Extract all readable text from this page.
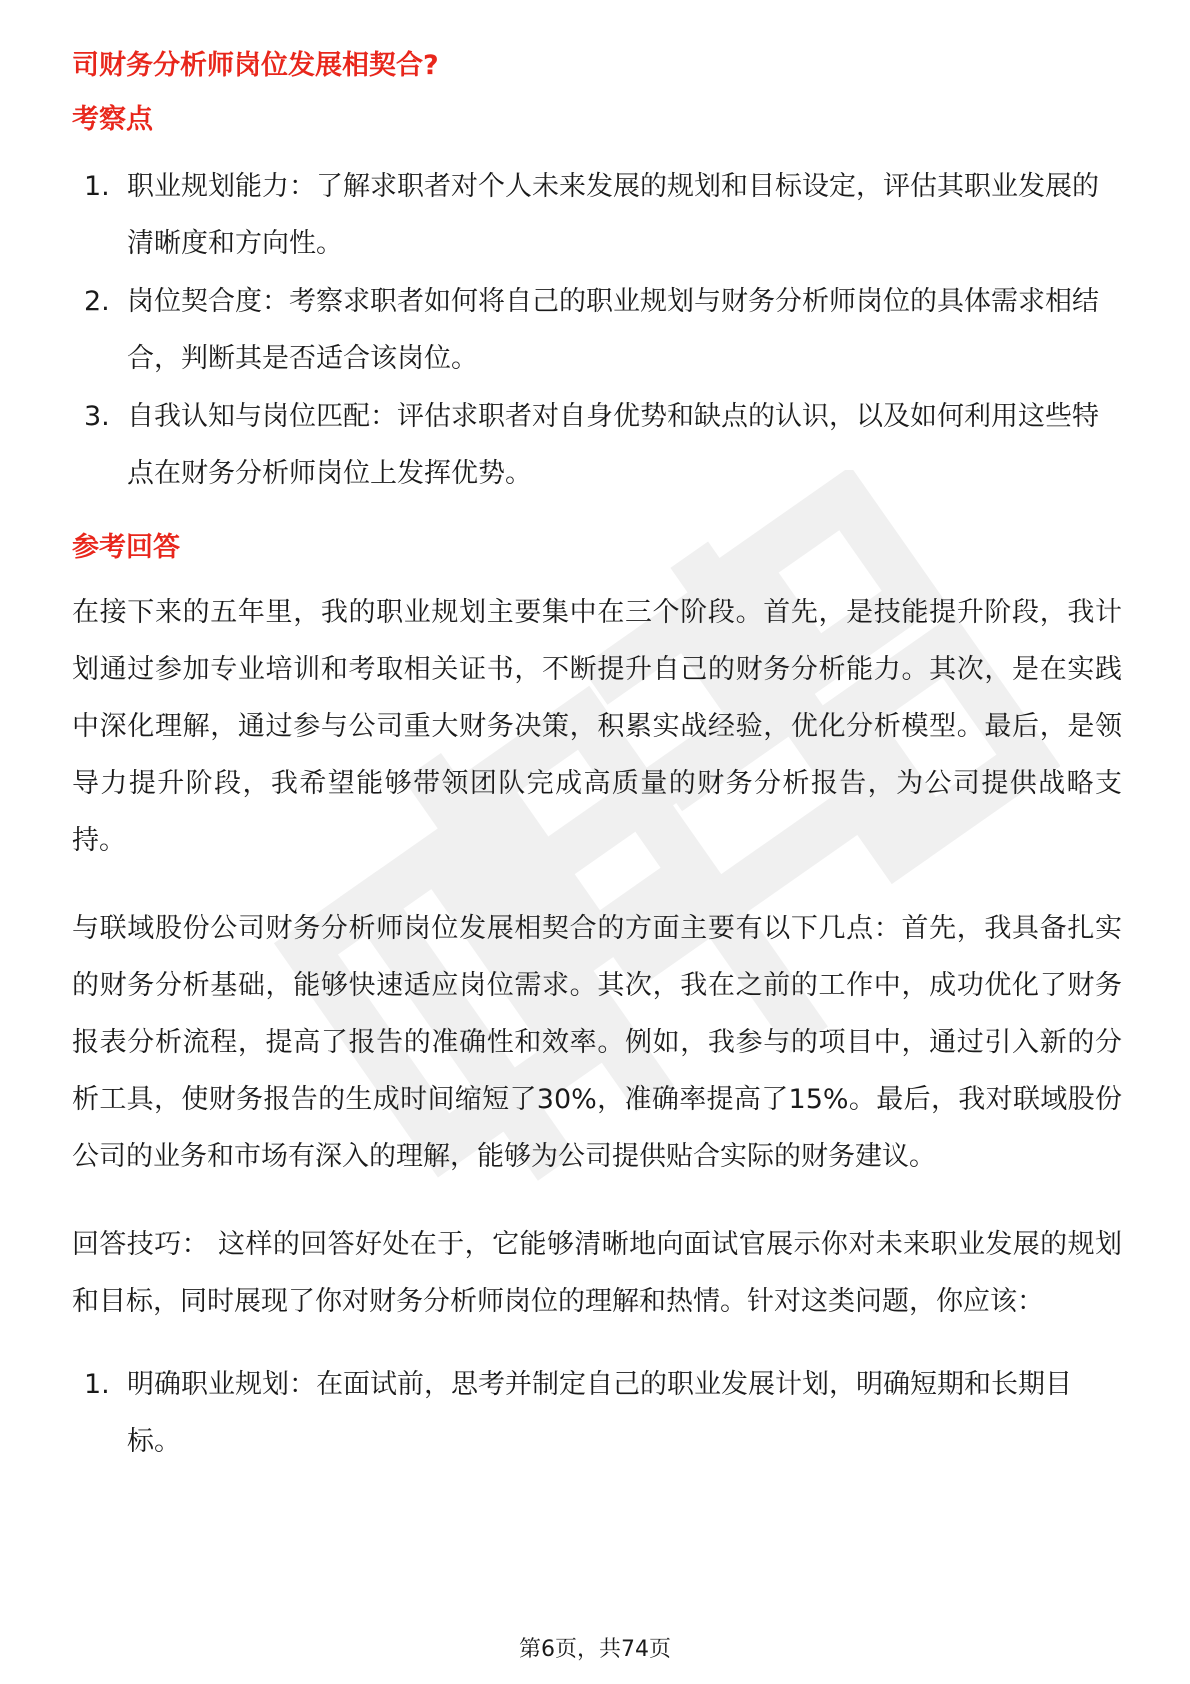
司财务分析师岗位发展相契合?
考察点
1. 职业规划能力：了解求职者对个人未来发展的规划和目标设定，评估其职业发展的清晰度和方向性。
2. 岗位契合度：考察求职者如何将自己的职业规划与财务分析师岗位的具体需求相结合，判断其是否适合该岗位。
3. 自我认知与岗位匹配：评估求职者对自身优势和缺点的认识，以及如何利用这些特点在财务分析师岗位上发挥优势。
参考回答

在接下来的五年里，我的职业规划主要集中在三个阶段。首先，是技能提升阶段，我计划通过参加专业培训和考取相关证书，不断提升自己的财务分析能力。其次，是在实践中深化理解，通过参与公司重大财务决策，积累实战经验，优化分析模型。最后，是领导力提升阶段，我希望能够带领团队完成高质量的财务分析报告，为公司提供战略支持。

与联域股份公司财务分析师岗位发展相契合的方面主要有以下几点：首先，我具备扎实的财务分析基础，能够快速适应岗位需求。其次，我在之前的工作中，成功优化了财务报表分析流程，提高了报告的准确性和效率。例如，我参与的项目中，通过引入新的分析工具，使财务报告的生成时间缩短了30%，准确率提高了15%。最后，我对联域股份公司的业务和市场有深入的理解，能够为公司提供贴合实际的财务建议。

回答技巧： 这样的回答好处在于，它能够清晰地向面试官展示你对未来职业发展的规划和目标，同时展现了你对财务分析师岗位的理解和热情。针对这类问题，你应该：

1. 明确职业规划：在面试前，思考并制定自己的职业发展计划，明确短期和长期目标。
第6页，共74页
